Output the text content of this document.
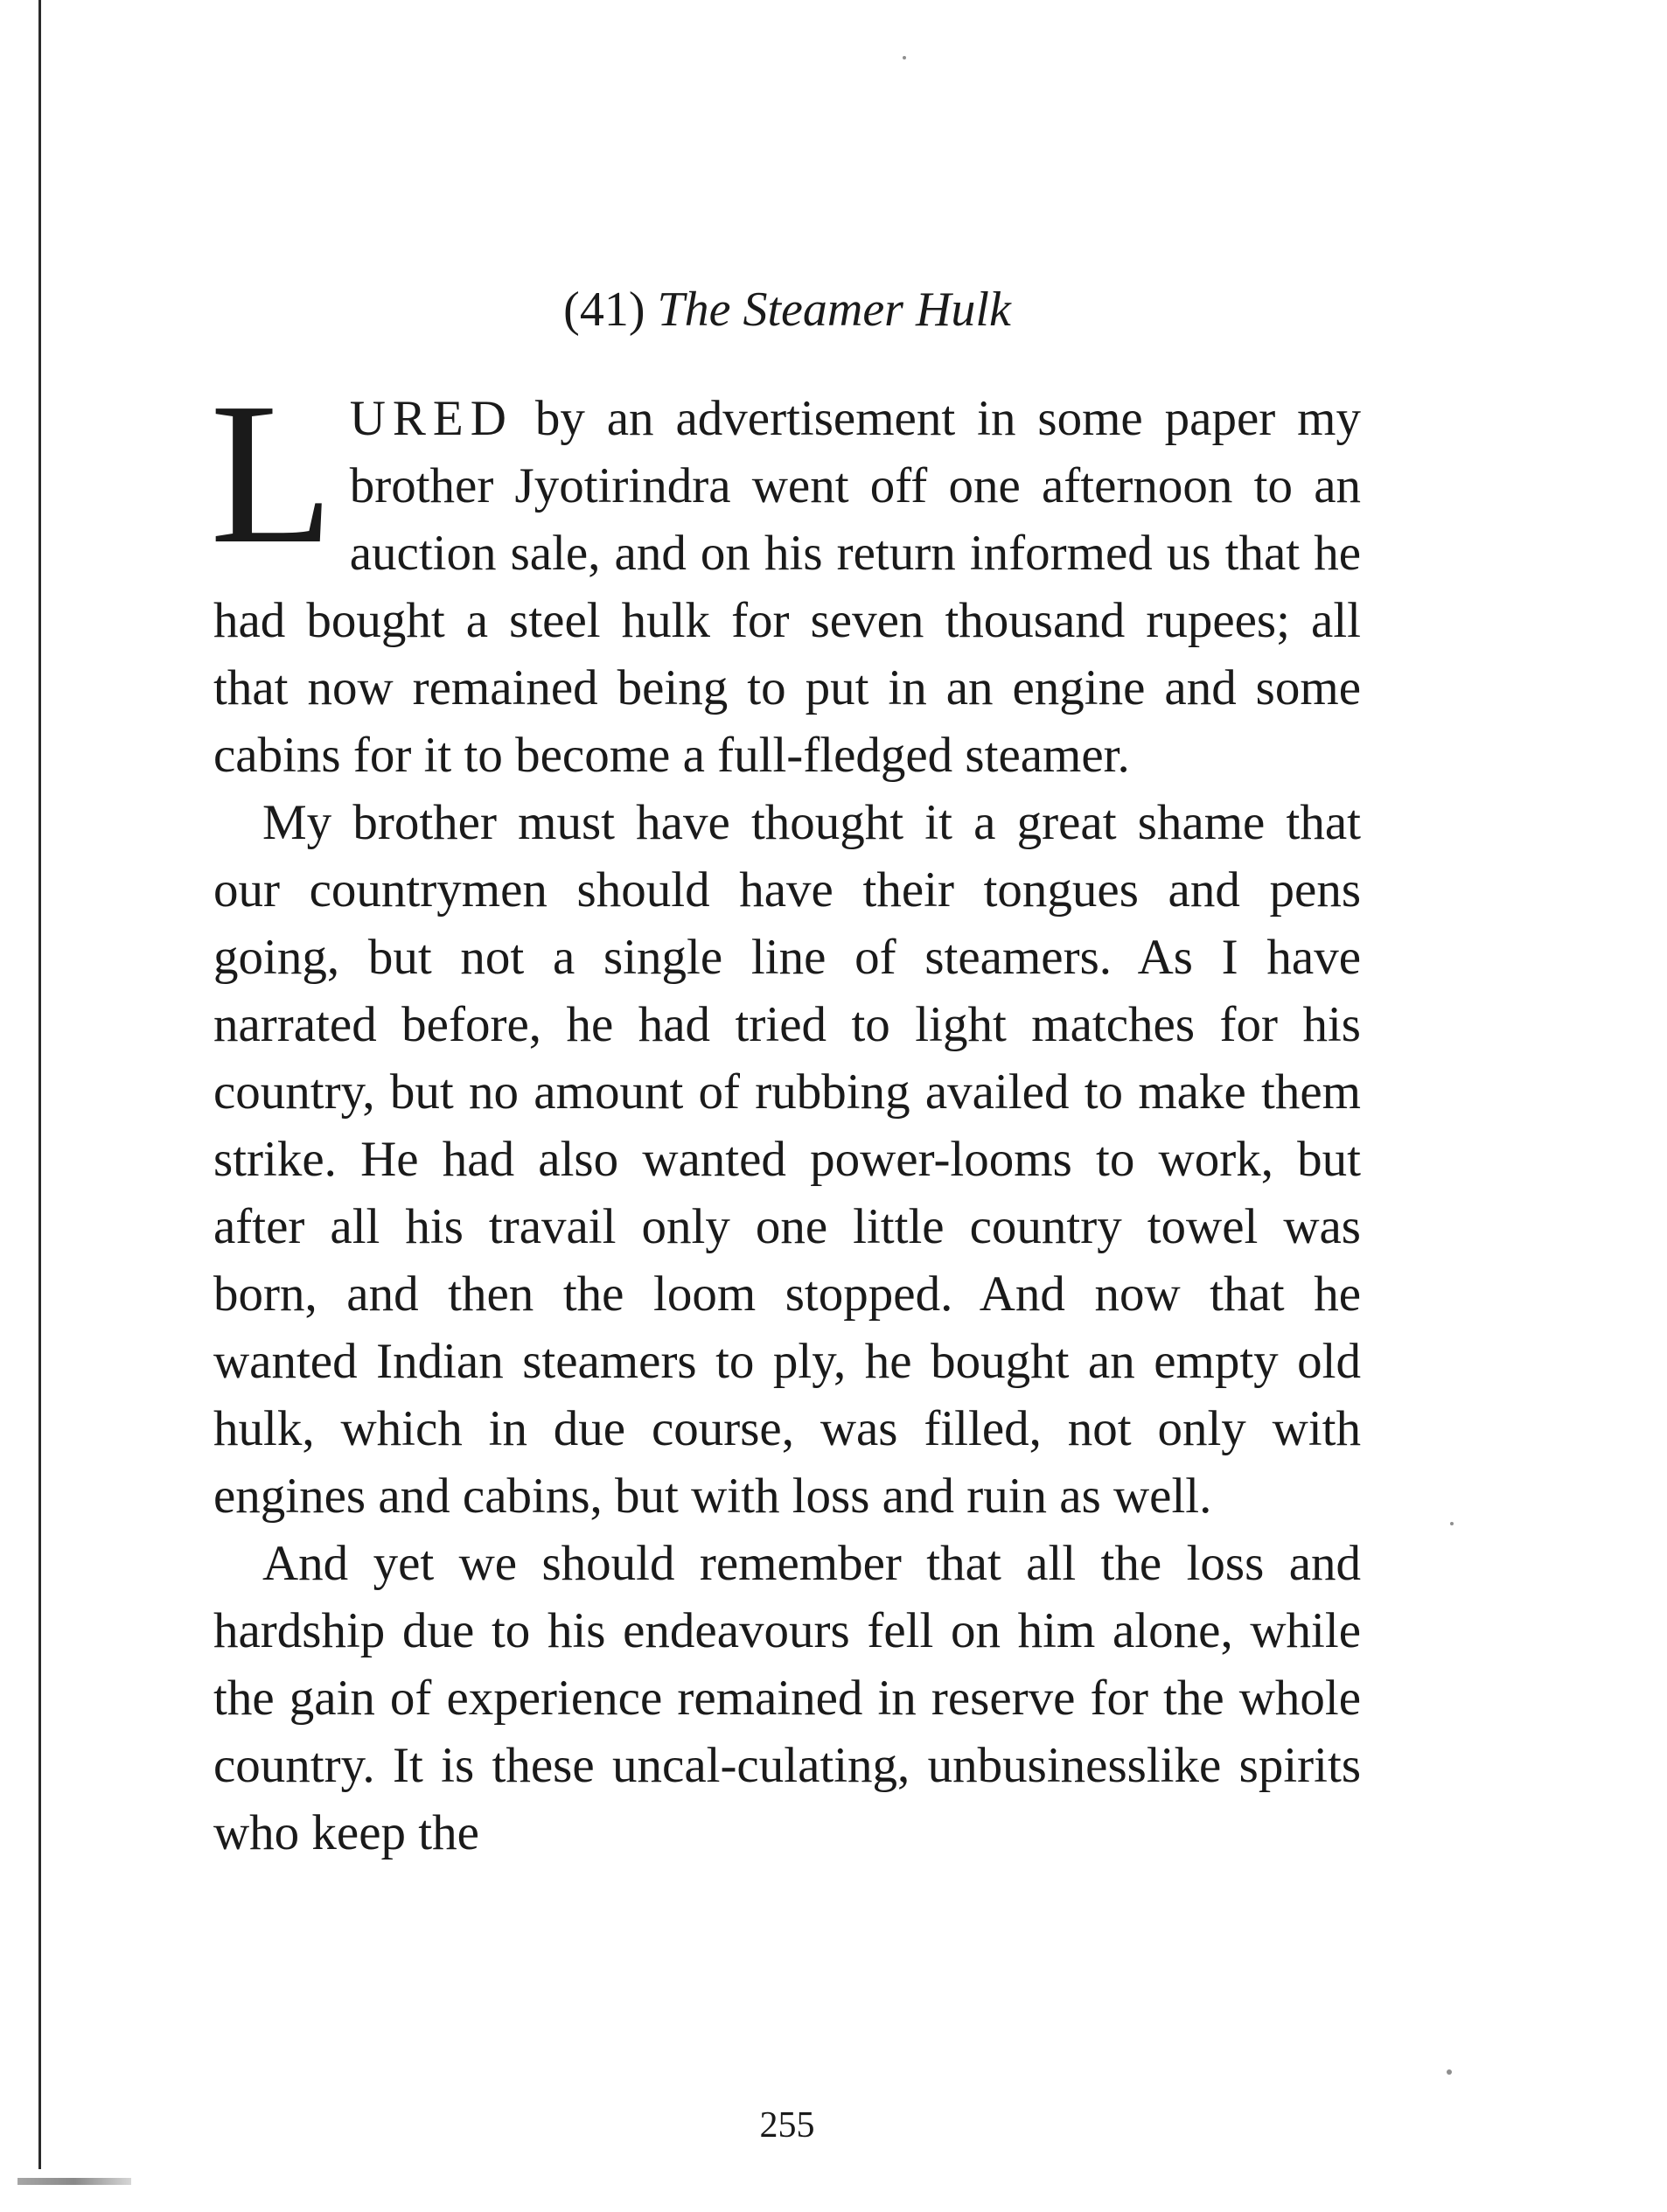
(41) The Steamer Hulk

LURED by an advertisement in some paper my brother Jyotirindra went off one afternoon to an auction sale, and on his return informed us that he had bought a steel hulk for seven thousand rupees; all that now remained being to put in an engine and some cabins for it to become a full-fledged steamer.

My brother must have thought it a great shame that our countrymen should have their tongues and pens going, but not a single line of steamers. As I have narrated before, he had tried to light matches for his country, but no amount of rubbing availed to make them strike. He had also wanted power-looms to work, but after all his travail only one little country towel was born, and then the loom stopped. And now that he wanted Indian steamers to ply, he bought an empty old hulk, which in due course, was filled, not only with engines and cabins, but with loss and ruin as well.

And yet we should remember that all the loss and hardship due to his endeavours fell on him alone, while the gain of experience remained in reserve for the whole country. It is these uncal-culating, unbusinesslike spirits who keep the

255
